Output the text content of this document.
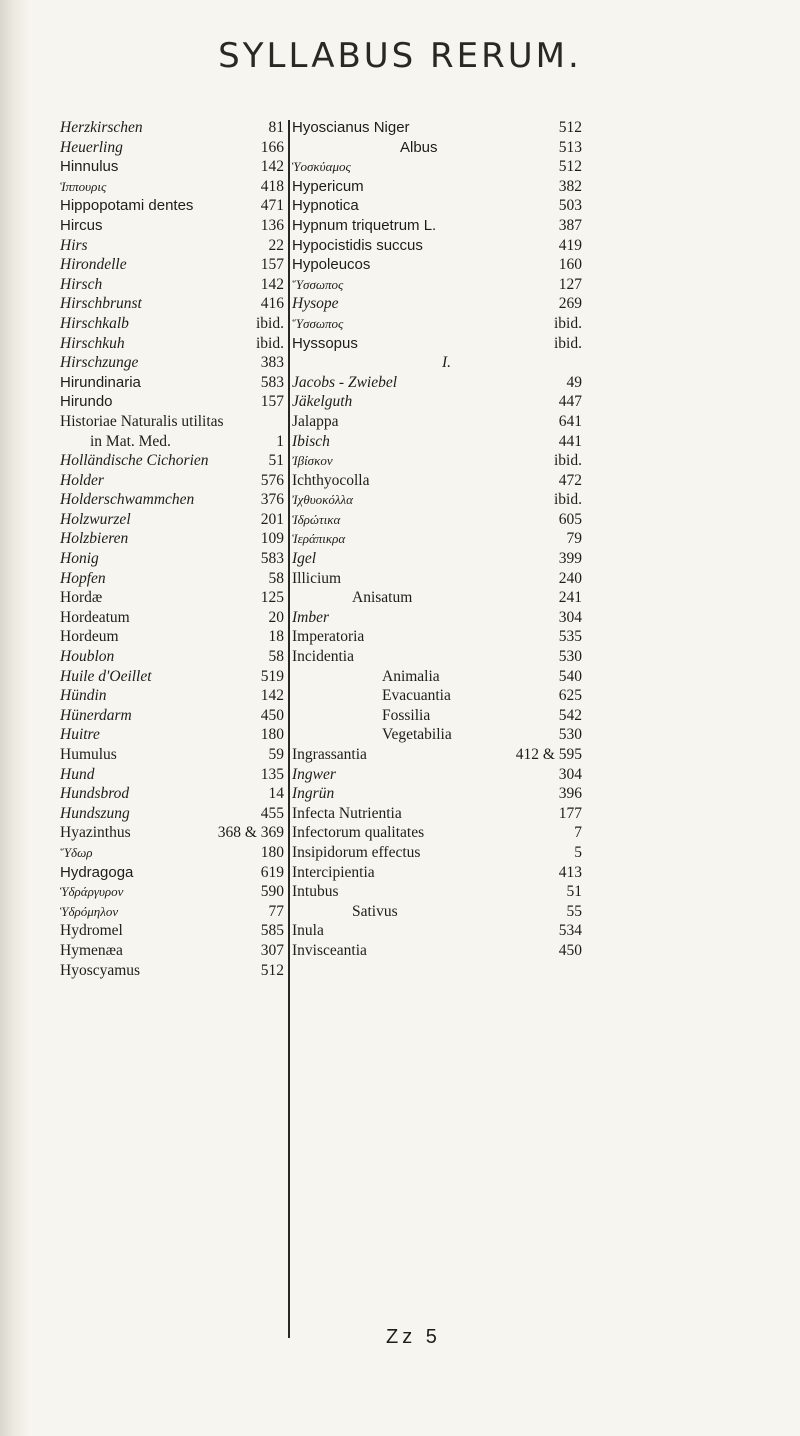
SYLLABUS RERUM.
Herzkirschen	81
Heuerling	166
Hinnulus	142
Ἱππουρις	418
Hippopotami dentes	471
Hircus	136
Hirs	22
Hirondelle	157
Hirsch	142
Hirschbrunst	416
Hirschkalb	ibid.
Hirschkuh	ibid.
Hirschzunge	383
Hirundinaria	583
Hirundo	157
Historiae Naturalis utilitas
in Mat. Med.	1
Holländische Cichorien	51
Holder	576
Holderschwammchen	376
Holzwurzel	201
Holzbieren	109
Honig	583
Hopfen	58
Hordæ	125
Hordeatum	20
Hordeum	18
Houblon	58
Huile d'Oeillet	519
Hündin	142
Hünerdarm	450
Huitre	180
Humulus	59
Hund	135
Hundsbrod	14
Hundszung	455
Hyazinthus	368 & 369
Ὕδωρ	180
Hydragoga	619
Ὑδράργυρον	590
Ὑδρόμηλον	77
Hydromel	585
Hymenæa	307
Hyoscyamus	512
Hyoscianus Niger	512
Albus	513
Ὑοσκύαμος	512
Hypericum	382
Hypnotica	503
Hypnum triquetrum L.	387
Hypocistidis succus	419
Hypoleucos	160
Ὕσσωπος	127
Hysope	269
Ὕσσωπος	ibid.
Hyssopus	ibid.
I.
Jacobs - Zwiebel	49
Jäkelguth	447
Jalappa	641
Ibisch	441
Ἰβίσκον	ibid.
Ichthyocolla	472
Ἰχθυοκόλλα	ibid.
Ἱδρώτικα	605
Ἱεράπικρα	79
Igel	399
Illicium	240
Anisatum	241
Imber	304
Imperatoria	535
Incidentia	530
Animalia	540
Evacuantia	625
Fossilia	542
Vegetabilia	530
Ingrassantia	412 & 595
Ingwer	304
Ingrün	396
Infecta Nutrientia	177
Infectorum qualitates	7
Insipidorum effectus	5
Intercipientia	413
Intubus	51
Sativus	55
Inula	534
Invisceantia	450
Zz 5
